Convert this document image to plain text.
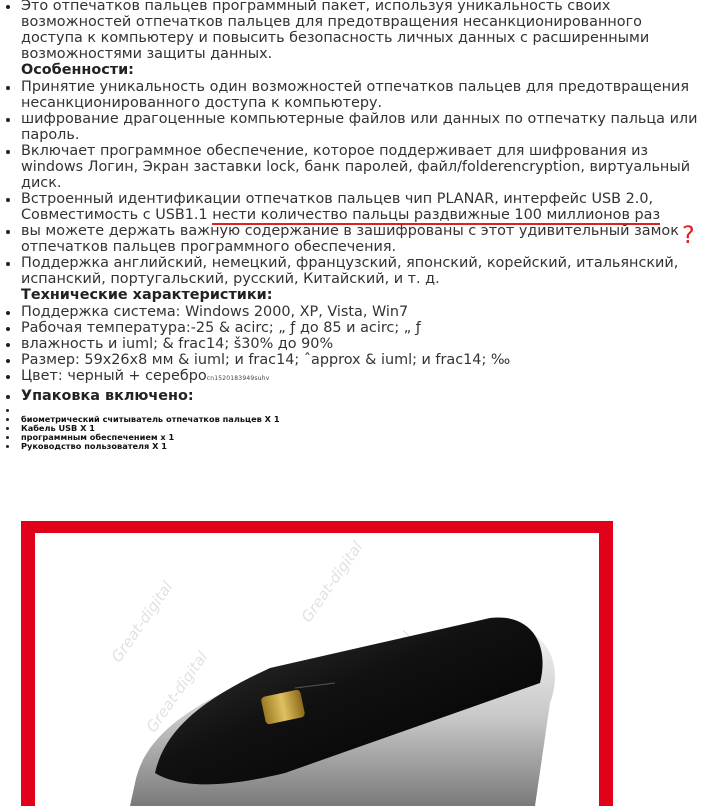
Это отпечатков пальцев программный пакет, используя уникальность своих
возможностей отпечатков пальцев для предотвращения несанкционированного
доступа к компьютеру и повысить безопасность личных данных с расширенными
возможностями защиты данных.
Особенности:
Принятие уникальность один возможностей отпечатков пальцев для предотвращения
несанкционированного доступа к компьютеру.
шифрование драгоценные компьютерные файлов или данных по отпечатку пальца или
пароль.
Включает программное обеспечение, которое поддерживает для шифрования из
windows Логин, Экран заставки lock, банк паролей, файл/folderencryption, виртуальный
диск.
Встроенный идентификации отпечатков пальцев чип PLANAR, интерфейс USB 2.0,
Совместимость с USB1.1 нести количество пальцы раздвижные 100 миллионов раз
вы можете держать важную содержание в зашифрованы с этот удивительный замок
отпечатков пальцев программного обеспечения.
Поддержка английский, немецкий, французский, японский, корейский, итальянский,
испанский, португальский, русский, Китайский, и т. д.
Технические характеристики:
Поддержка система: Windows 2000, XP, Vista, Win7
Рабочая температура:-25 & acirc; „ ƒ до 85 и acirc; „ ƒ
влажность и iuml; & frac14; š30% до 90%
Размер: 59x26x8 мм & iuml; и frac14; ˆapprox & iuml; и frac14; ‰
Цвет: черный + сереброcn1520183949suhv
Упаковка включено:
биометрический считыватель отпечатков пальцев X 1
Кабель USB X 1
программным обеспечением x 1
Руководство пользователя X 1
?
Great-digital	Great-digital
Great-digital
